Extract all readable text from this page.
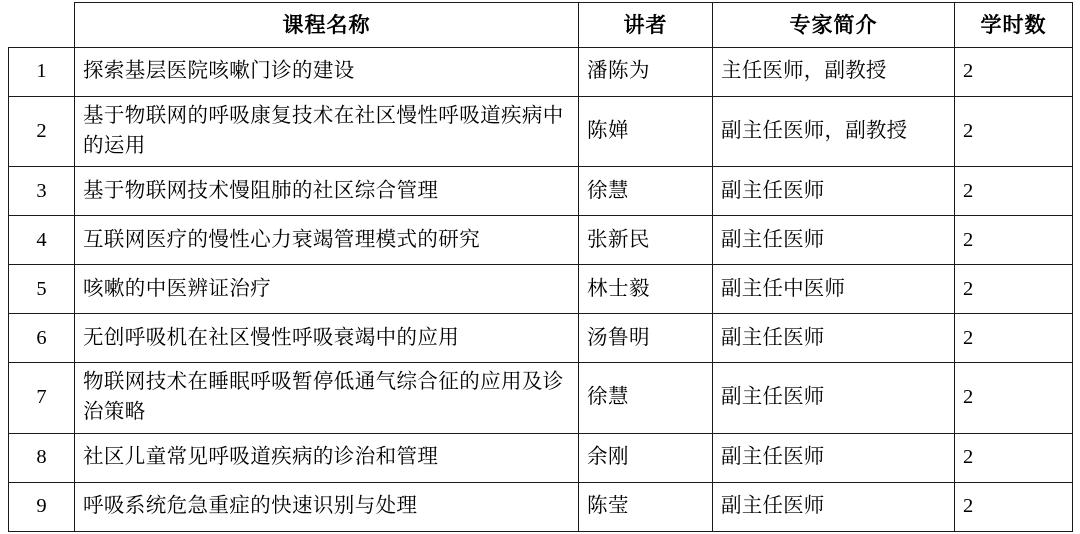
	课程名称	讲者	专家简介	学时数
1	探索基层医院咳嗽门诊的建设	潘陈为	主任医师，副教授	2
2	基于物联网的呼吸康复技术在社区慢性呼吸道疾病中的运用	陈婵	副主任医师，副教授	2
3	基于物联网技术慢阻肺的社区综合管理	徐慧	副主任医师	2
4	互联网医疗的慢性心力衰竭管理模式的研究	张新民	副主任医师	2
5	咳嗽的中医辨证治疗	林士毅	副主任中医师	2
6	无创呼吸机在社区慢性呼吸衰竭中的应用	汤鲁明	副主任医师	2
7	物联网技术在睡眠呼吸暂停低通气综合征的应用及诊治策略	徐慧	副主任医师	2
8	社区儿童常见呼吸道疾病的诊治和管理	余刚	副主任医师	2
9	呼吸系统危急重症的快速识别与处理	陈莹	副主任医师	2
